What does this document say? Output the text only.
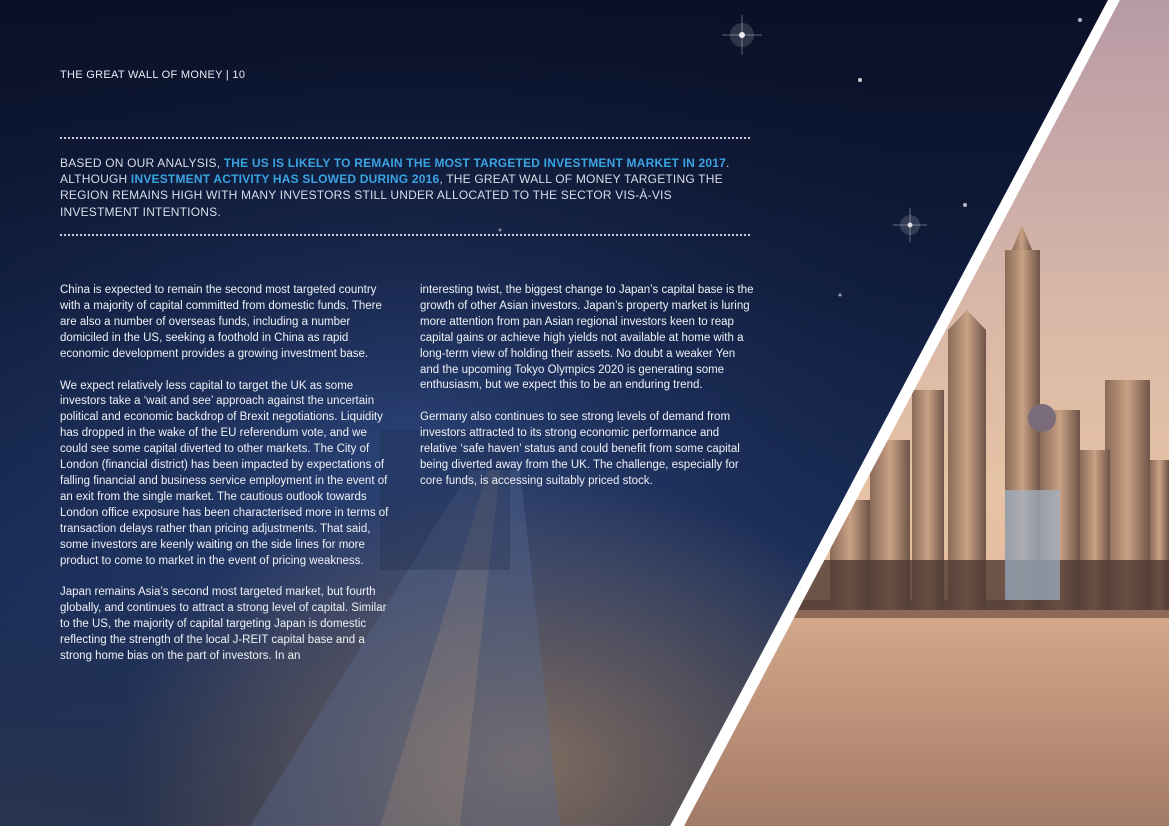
THE GREAT WALL OF MONEY | 10
BASED ON OUR ANALYSIS, THE US IS LIKELY TO REMAIN THE MOST TARGETED INVESTMENT MARKET IN 2017. ALTHOUGH INVESTMENT ACTIVITY HAS SLOWED DURING 2016, THE GREAT WALL OF MONEY TARGETING THE REGION REMAINS HIGH WITH MANY INVESTORS STILL UNDER ALLOCATED TO THE SECTOR VIS-À-VIS INVESTMENT INTENTIONS.

China is expected to remain the second most targeted country with a majority of capital committed from domestic funds. There are also a number of overseas funds, including a number domiciled in the US, seeking a foothold in China as rapid economic development provides a growing investment base.

We expect relatively less capital to target the UK as some investors take a ‘wait and see’ approach against the uncertain political and economic backdrop of Brexit negotiations. Liquidity has dropped in the wake of the EU referendum vote, and we could see some capital diverted to other markets. The City of London (financial district) has been impacted by expectations of falling financial and business service employment in the event of an exit from the single market. The cautious outlook towards London office exposure has been characterised more in terms of transaction delays rather than pricing adjustments. That said, some investors are keenly waiting on the side lines for more product to come to market in the event of pricing weakness.

Japan remains Asia’s second most targeted market, but fourth globally, and continues to attract a strong level of capital. Similar to the US, the majority of capital targeting Japan is domestic reflecting the strength of the local J-REIT capital base and a strong home bias on the part of investors. In an

interesting twist, the biggest change to Japan’s capital base is the growth of other Asian investors. Japan’s property market is luring more attention from pan Asian regional investors keen to reap capital gains or achieve high yields not available at home with a long-term view of holding their assets. No doubt a weaker Yen and the upcoming Tokyo Olympics 2020 is generating some enthusiasm, but we expect this to be an enduring trend.

Germany also continues to see strong levels of demand from investors attracted to its strong economic performance and relative ‘safe haven’ status and could benefit from some capital being diverted away from the UK. The challenge, especially for core funds, is accessing suitably priced stock.
